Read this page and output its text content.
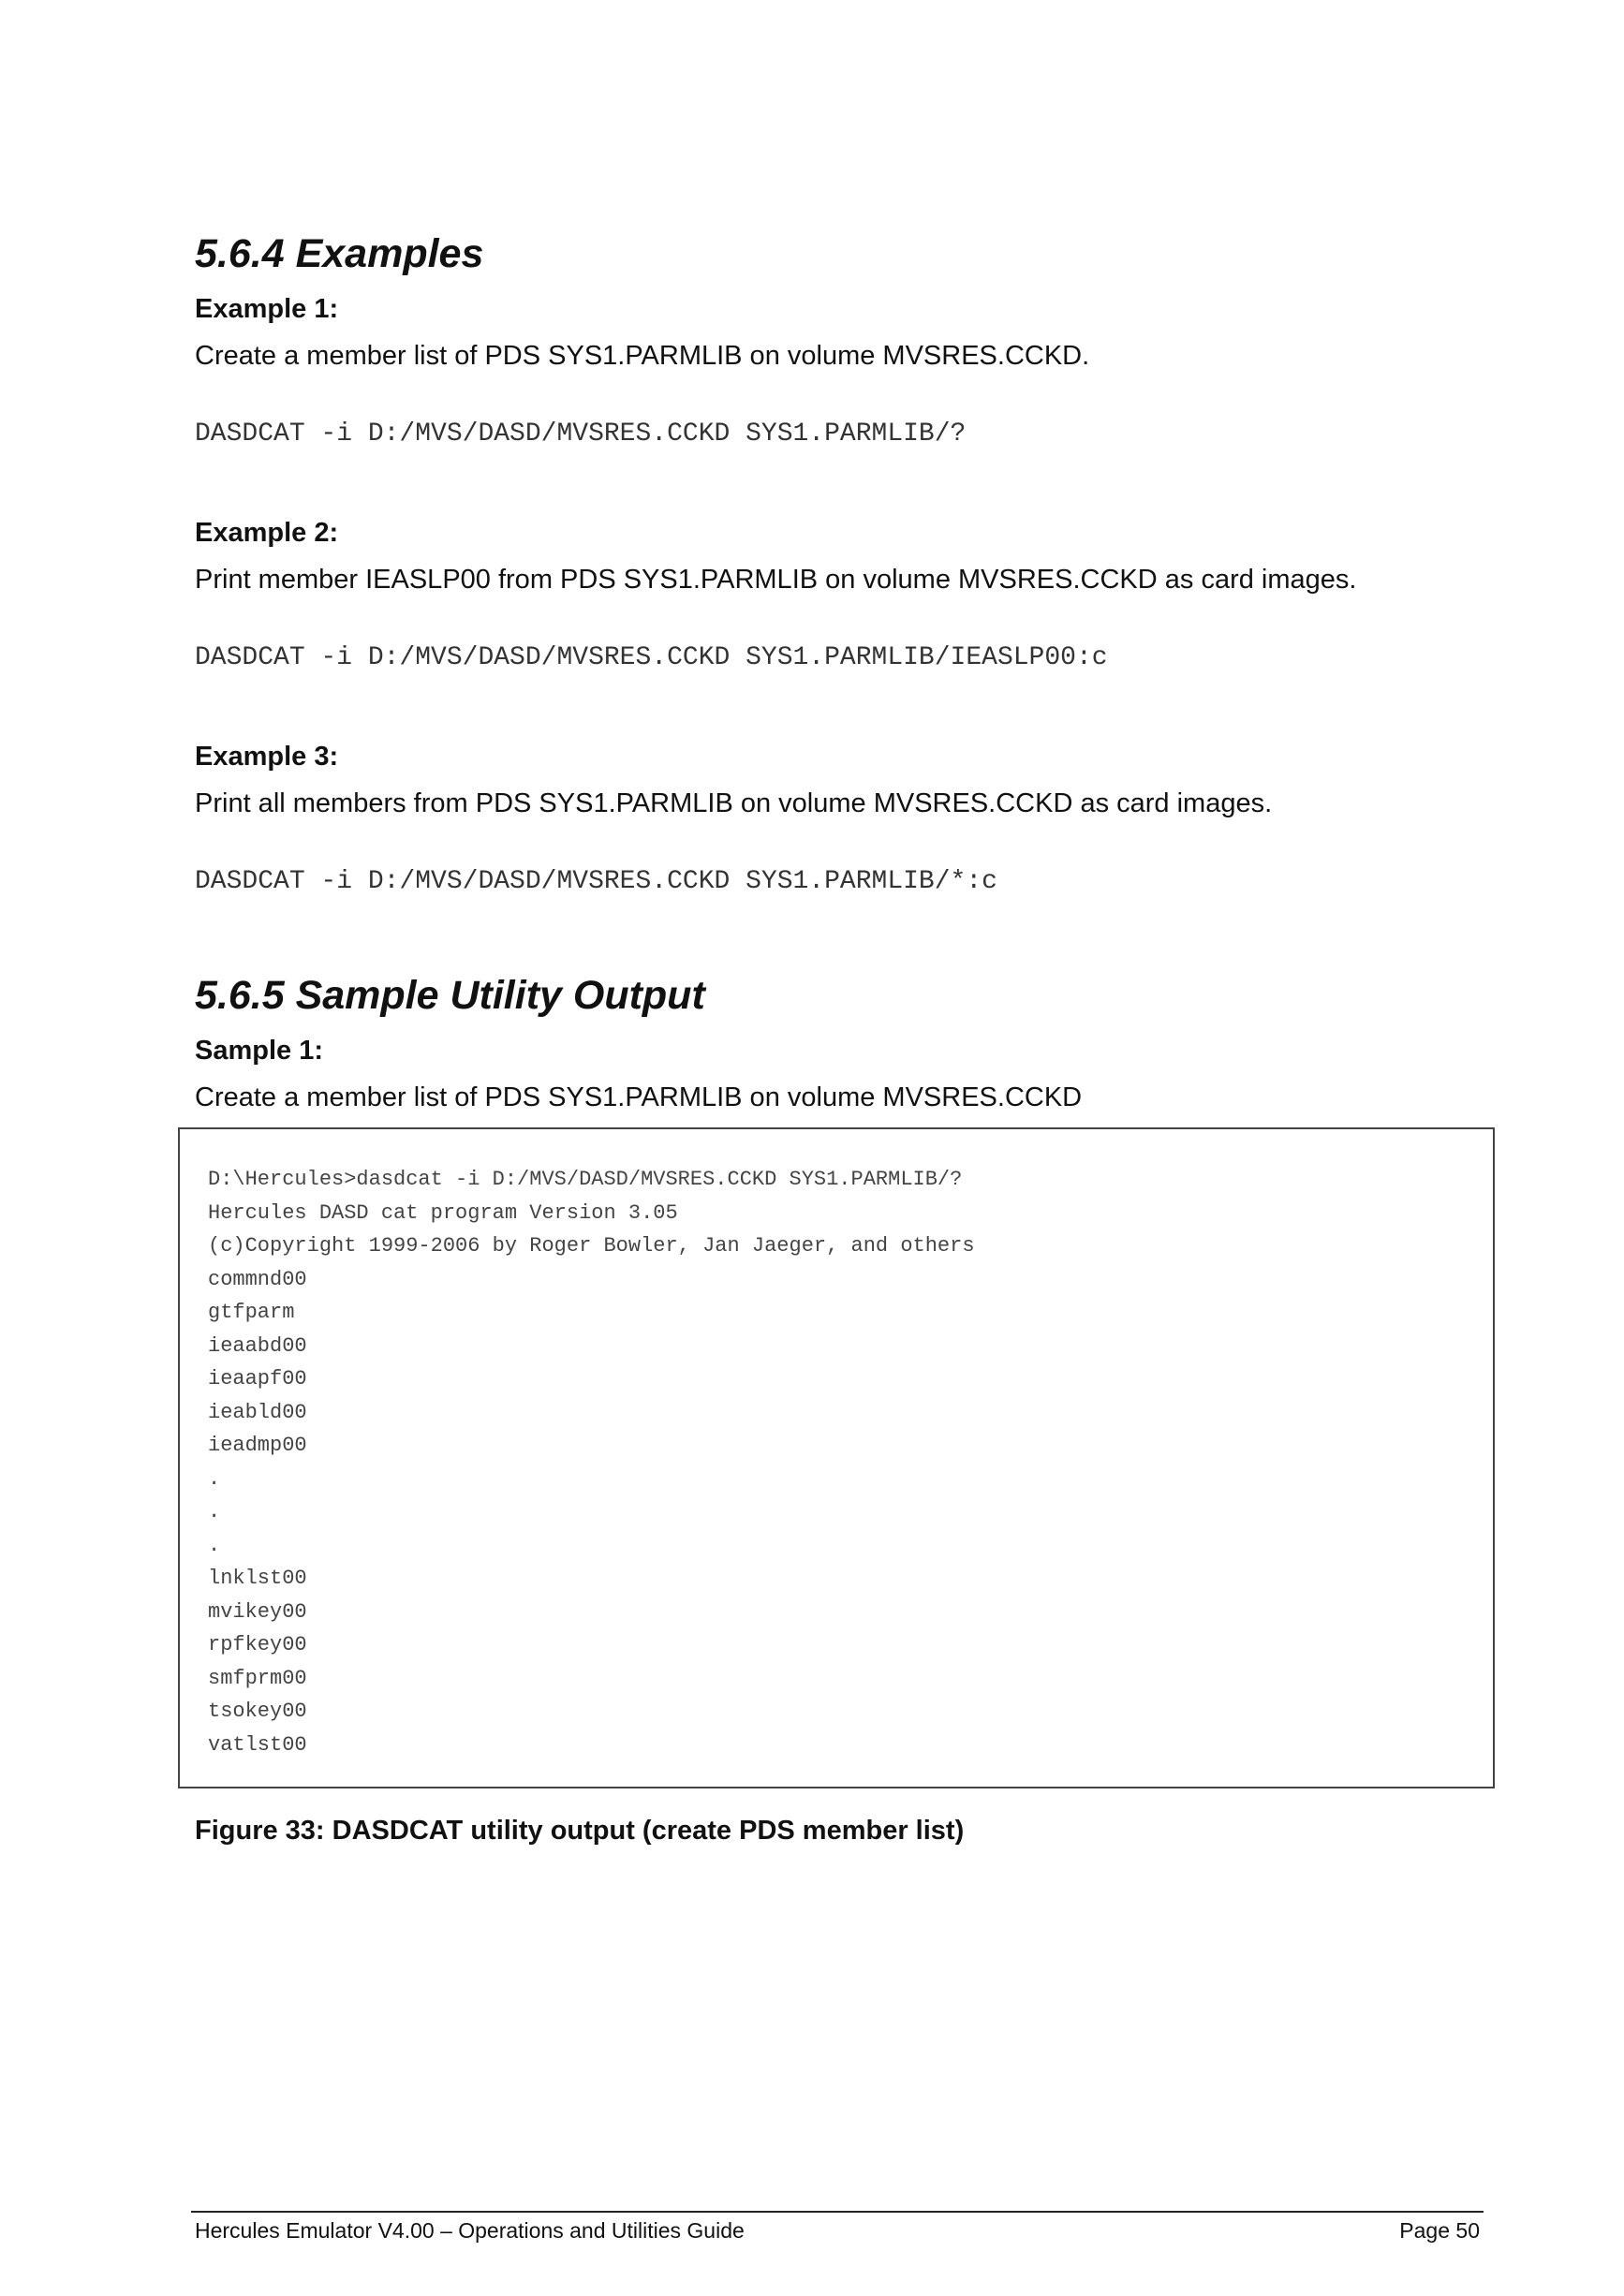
5.6.4 Examples
Example 1:

Create a member list of PDS SYS1.PARMLIB on volume MVSRES.CCKD.

DASDCAT -i D:/MVS/DASD/MVSRES.CCKD SYS1.PARMLIB/?
Example 2:

Print member IEASLP00 from PDS SYS1.PARMLIB on volume MVSRES.CCKD as card images.

DASDCAT -i D:/MVS/DASD/MVSRES.CCKD SYS1.PARMLIB/IEASLP00:c
Example 3:

Print all members from PDS SYS1.PARMLIB on volume MVSRES.CCKD as card images.

DASDCAT -i D:/MVS/DASD/MVSRES.CCKD SYS1.PARMLIB/*:c
5.6.5 Sample Utility Output
Sample 1:

Create a member list of PDS SYS1.PARMLIB on volume MVSRES.CCKD

Figure 33: DASDCAT utility output (create PDS member list)

D:\Hercules>dasdcat -i D:/MVS/DASD/MVSRES.CCKD SYS1.PARMLIB/?
Hercules DASD cat program Version 3.05
(c)Copyright 1999-2006 by Roger Bowler, Jan Jaeger, and others
commnd00
gtfparm
ieaabd00
ieaapf00
ieabld00
ieadmp00
.
.
.
lnklst00
mvikey00
rpfkey00
smfprm00
tsokey00
vatlst00
Hercules Emulator V4.00 – Operations and Utilities Guide	Page 50
